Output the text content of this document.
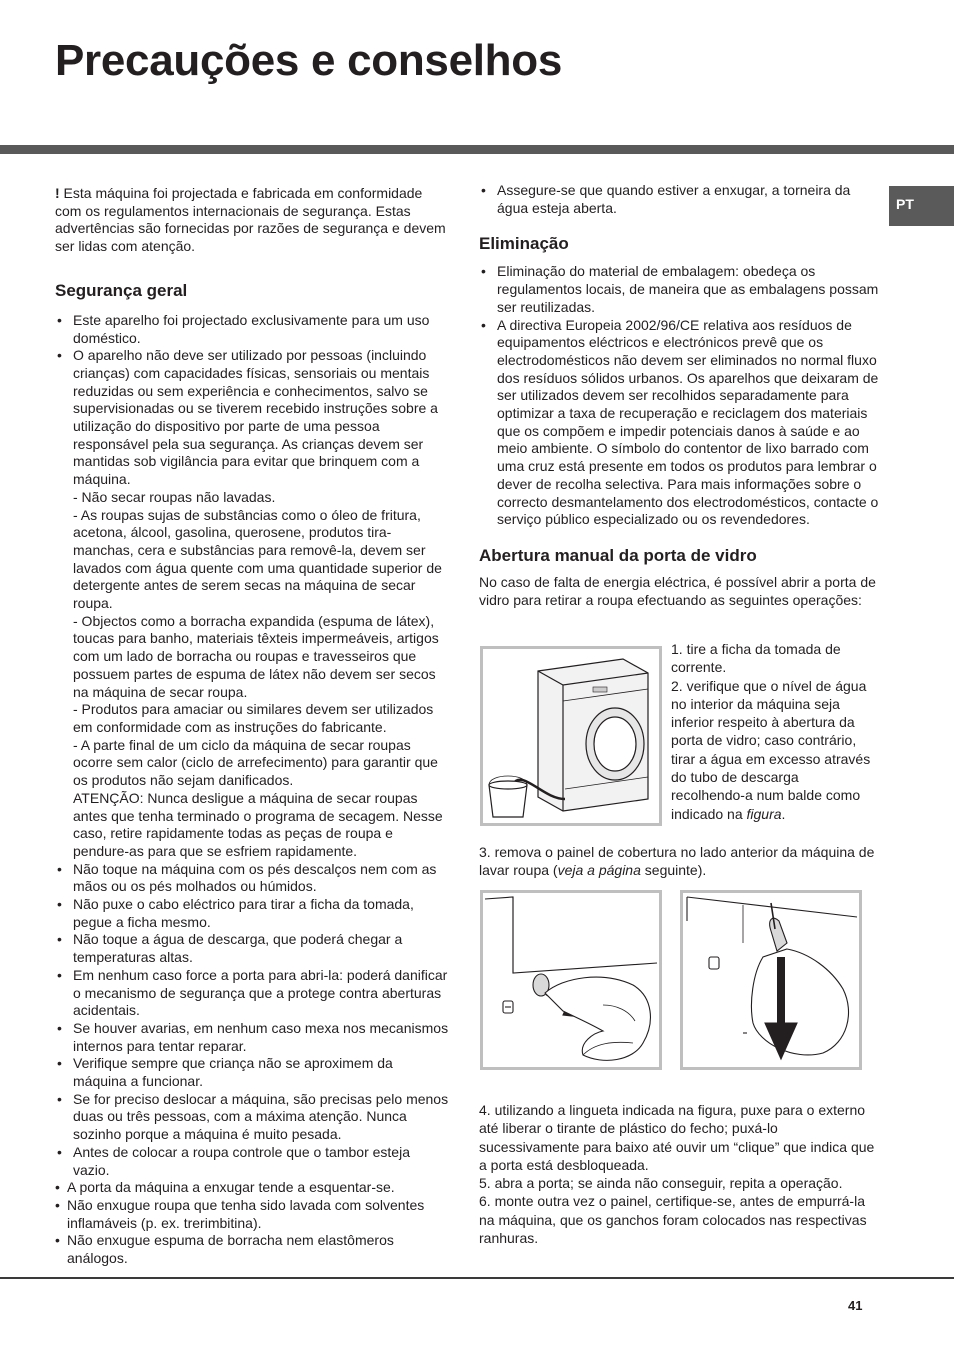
Precauções e conselhos
PT

! Esta máquina foi projectada e fabricada em conformidade com os regulamentos internacionais de segurança. Estas advertências são fornecidas por razões de segurança e devem ser lidas com atenção.

Segurança geral
• Este aparelho foi projectado exclusivamente para um uso doméstico.
• O aparelho não deve ser utilizado por pessoas (incluindo crianças) com capacidades físicas, sensoriais ou mentais reduzidas ou sem experiência e conhecimentos, salvo se supervisionadas ou se tiverem recebido instruções sobre a utilização do dispositivo por parte de uma pessoa responsável pela sua segurança. As crianças devem ser mantidas sob vigilância para evitar que brinquem com a máquina.
- Não secar roupas não lavadas.
- As roupas sujas de substâncias como o óleo de fritura, acetona, álcool, gasolina, querosene, produtos tira-manchas, cera e substâncias para removê-la, devem ser lavados com água quente com uma quantidade superior de detergente antes de serem secas na máquina de secar roupa.
- Objectos como a borracha expandida (espuma de látex), toucas para banho, materiais têxteis impermeáveis, artigos com um lado de borracha ou roupas e travesseiros que possuem partes de espuma de látex não devem ser secos na máquina de secar roupa.
- Produtos para amaciar ou similares devem ser utilizados em conformidade com as instruções do fabricante.
- A parte final de um ciclo da máquina de secar roupas ocorre sem calor (ciclo de arrefecimento) para garantir que os produtos não sejam danificados.
ATENÇÃO: Nunca desligue a máquina de secar roupas antes que tenha terminado o programa de secagem. Nesse caso, retire rapidamente todas as peças de roupa e pendure-as para que se esfriem rapidamente.
• Não toque na máquina com os pés descalços nem com as mãos ou os pés molhados ou húmidos.
• Não puxe o cabo eléctrico para tirar a ficha da tomada, pegue a ficha mesmo.
• Não toque a água de descarga, que poderá chegar a temperaturas altas.
• Em nenhum caso force a porta para abri-la: poderá danificar o mecanismo de segurança que a protege contra aberturas acidentais.
• Se houver avarias, em nenhum caso mexa nos mecanismos internos para tentar reparar.
• Verifique sempre que criança não se aproximem da máquina a funcionar.
• Se for preciso deslocar a máquina, são precisas pelo menos duas ou três pessoas, com a máxima atenção. Nunca sozinho porque a máquina é muito pesada.
• Antes de colocar a roupa controle que o tambor esteja vazio.
• A porta da máquina a enxugar tende a esquentar-se.
• Não enxugue roupa que tenha sido lavada com solventes inflamáveis (p. ex. trerimbitina).
• Não enxugue espuma de borracha nem elastômeros análogos.
• Assegure-se que quando estiver a enxugar, a torneira da água esteja aberta.
Eliminação
• Eliminação do material de embalagem: obedeça os regulamentos locais, de maneira que as embalagens possam ser reutilizadas.
• A directiva Europeia 2002/96/CE relativa aos resíduos de equipamentos eléctricos e electrónicos prevê que os electrodomésticos não devem ser eliminados no normal fluxo dos resíduos sólidos urbanos. Os aparelhos que deixaram de ser utilizados devem ser recolhidos separadamente para optimizar a taxa de recuperação e reciclagem dos materiais que os compõem e impedir potenciais danos à saúde e ao meio ambiente. O símbolo do contentor de lixo barrado com uma cruz está presente em todos os produtos para lembrar o dever de recolha selectiva. Para mais informações sobre o correcto desmantelamento dos electrodomésticos, contacte o serviço público especializado ou os revendedores.
Abertura manual da porta de vidro

No caso de falta de energia eléctrica, é possível abrir a porta de vidro para retirar a roupa efectuando as seguintes operações:

1. tire a ficha da tomada de corrente.

2. verifique que o nível de água no interior da máquina seja inferior respeito à abertura da porta de vidro; caso contrário, tirar a água em excesso através do tubo de descarga recolhendo-a num balde como indicado na figura.

3. remova o painel de cobertura no lado anterior da máquina de lavar roupa (veja a página seguinte).

4. utilizando a lingueta indicada na figura, puxe para o externo até liberar o tirante de plástico do fecho; puxá-lo sucessivamente para baixo até ouvir um “clique” que indica que a porta está desbloqueada.

5. abra a porta; se ainda não conseguir, repita a operação.

6. monte outra vez o painel, certifique-se, antes de empurrá-la na máquina, que os ganchos foram colocados nas respectivas ranhuras.

41
